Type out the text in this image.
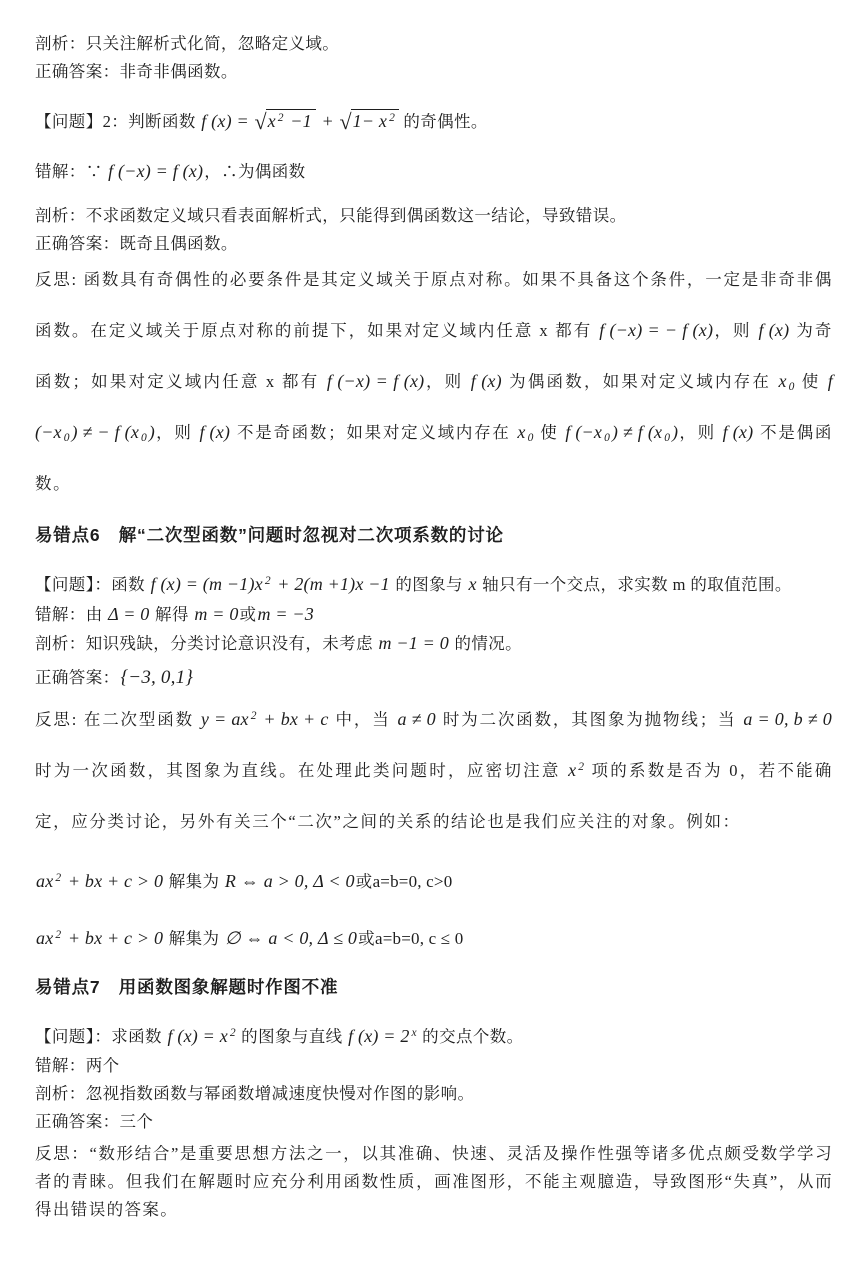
剖析：只关注解析式化简，忽略定义域。
正确答案：非奇非偶函数。
【问题】2：判断函数 f (x) = √ x $^2$ −1 + √ 1− x $^2$ 的奇偶性。
错解：∵ f (−x) = f (x)，∴为偶函数
剖析：不求函数定义域只看表面解析式，只能得到偶函数这一结论，导致错误。
正确答案：既奇且偶函数。
反思: 函数具有奇偶性的必要条件是其定义域关于原点对称。如果不具备这个条件，一定是非奇非偶函数。在定义域关于原点对称的前提下，如果对定义域内任意 x 都有 f (−x) = − f (x)，则 f (x) 为奇函数；如果对定义域内任意 x 都有 f (−x) = f (x)，则 f (x) 为偶函数，如果对定义域内存在 x $_0$ 使 f (−x $_0$ ) ≠ − f (x $_0$ )，则 f (x) 不是奇函数；如果对定义域内存在 x $_0$ 使 f (−x $_0$ ) ≠ f (x $_0$ )，则 f (x) 不是偶函数。
易错点6　解“二次型函数”问题时忽视对二次项系数的讨论
【问题】：函数 f (x) = (m −1)x $^2$ + 2(m +1)x −1 的图象与 x 轴只有一个交点，求实数 m 的取值范围。
错解：由 Δ = 0 解得 m = 0或m = −3
剖析：知识残缺，分类讨论意识没有，未考虑 m −1 = 0 的情况。
正确答案：{−3, 0,1}
反思: 在二次型函数 y = ax $^2$ + bx + c 中，当 a ≠ 0 时为二次函数，其图象为抛物线；当 a = 0, b ≠ 0 时为一次函数，其图象为直线。在处理此类问题时，应密切注意 x $^2$ 项的系数是否为 0，若不能确定，应分类讨论，另外有关三个“二次”之间的关系的结论也是我们应关注的对象。例如：
ax $^2$ + bx + c > 0 解集为 R ⇔ a > 0, Δ < 0或a=b=0, c>0
ax $^2$ + bx + c > 0 解集为 ∅ ⇔ a < 0, Δ ≤ 0或a=b=0, c ≤ 0
易错点7　用函数图象解题时作图不准
【问题】：求函数 f (x) = x $^2$ 的图象与直线 f (x) = 2 $^x$ 的交点个数。
错解：两个
剖析：忽视指数函数与幂函数增减速度快慢对作图的影响。
正确答案：三个
反思：“数形结合”是重要思想方法之一，以其准确、快速、灵活及操作性强等诸多优点颇受数学学习者的青睐。但我们在解题时应充分利用函数性质，画准图形，不能主观臆造，导致图形“失真”，从而得出错误的答案。
